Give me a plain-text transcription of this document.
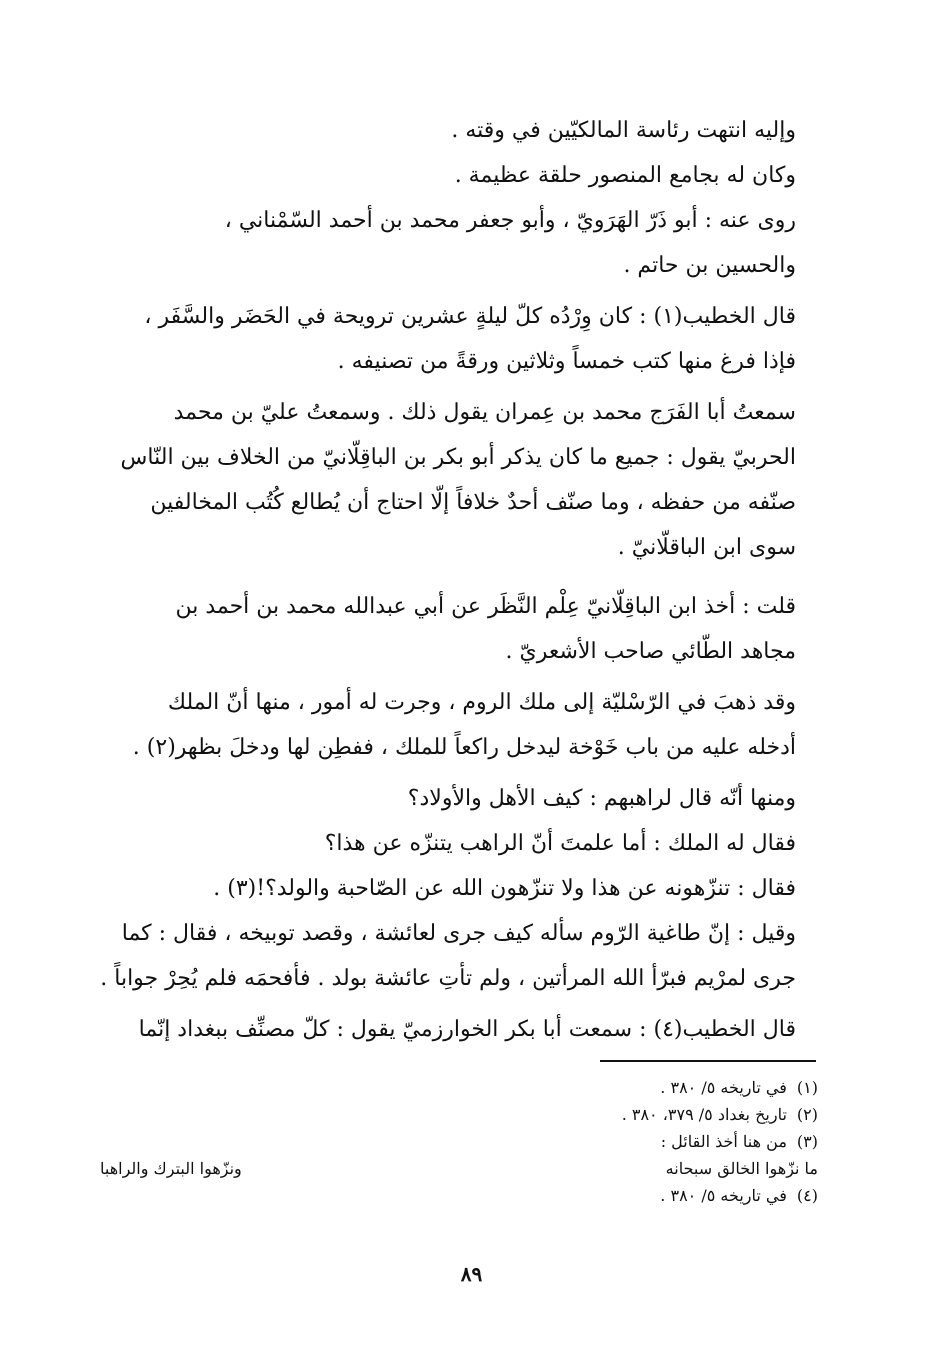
وإليه انتهت رئاسة المالكيّين في وقته .

وكان له بجامع المنصور حلقة عظيمة .

روى عنه : أبو ذَرّ الهَرَويّ ، وأبو جعفر محمد بن أحمد السّمْناني ،
والحسين بن حاتم .

قال الخطيب(١) : كان وِرْدُه كلّ ليلةٍ عشرين ترويحة في الحَضَر والسَّفَر ،
فإذا فرغ منها كتب خمساً وثلاثين ورقةً من تصنيفه .

سمعتُ أبا الفَرَج محمد بن عِمران يقول ذلك . وسمعتُ عليّ بن محمد
الحربيّ يقول : جميع ما كان يذكر أبو بكر بن الباقِلّانيّ من الخلاف بين النّاس
صنّفه من حفظه ، وما صنّف أحدٌ خلافاً إلّا احتاج أن يُطالع كُتُب المخالفين
سوى ابن الباقلّانيّ .

قلت : أخذ ابن الباقِلّانيّ عِلْم النَّظَر عن أبي عبدالله محمد بن أحمد بن
مجاهد الطّائي صاحب الأشعريّ .

وقد ذهبَ في الرّسْليّة إلى ملك الروم ، وجرت له أمور ، منها أنّ الملك
أدخله عليه من باب خَوْخة ليدخل راكعاً للملك ، ففطِن لها ودخلَ بظهر(٢) .

ومنها أنّه قال لراهبهم : كيف الأهل والأولاد؟

فقال له الملك : أما علمتَ أنّ الراهب يتنزّه عن هذا؟

فقال : تنزّهونه عن هذا ولا تنزّهون الله عن الصّاحبة والولد؟!(٣) .

وقيل : إنّ طاغية الرّوم سأله كيف جرى لعائشة ، وقصد توبيخه ، فقال : كما
جرى لمرْيم فبرّأ الله المرأتين ، ولم تأتِ عائشة بولد . فأفحمَه فلم يُحِرْ جواباً .

قال الخطيب(٤) : سمعت أبا بكر الخوارزميّ يقول : كلّ مصنِّف ببغداد إنّما

(١)في تاريخه ٥/ ٣٨٠ .

(٢)تاريخ بغداد ٥/ ٣٧٩، ٣٨٠ .

(٣)من هنا أخذ القائل :

ما نزّهوا الخالق سبحانه
ونزّهوا البترك والراهبا

(٤)في تاريخه ٥/ ٣٨٠ .

٨٩
